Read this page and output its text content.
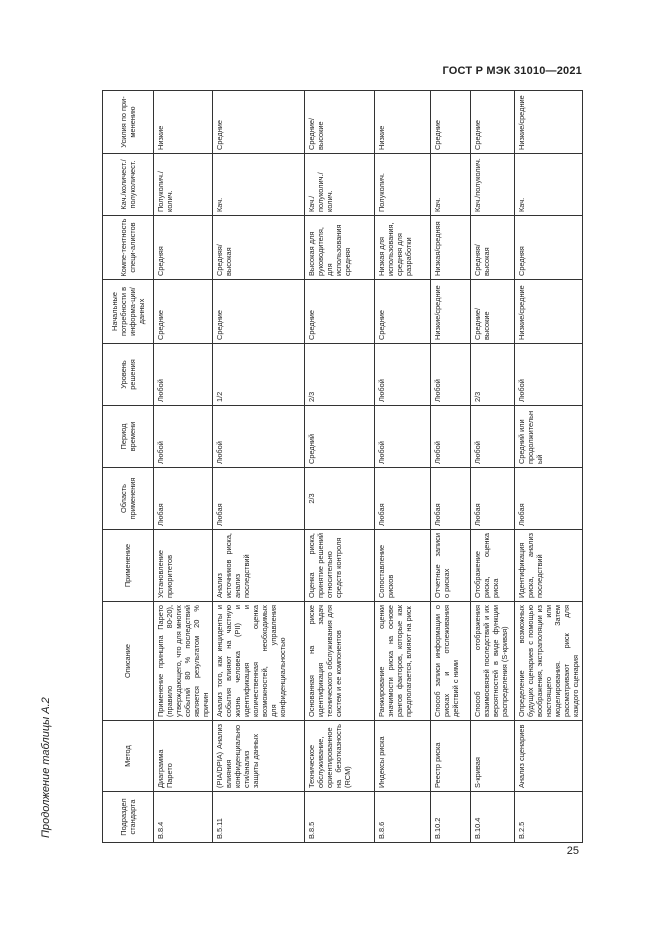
ГОСТ Р МЭК 31010—2021
Продолжение таблицы А.2	Подраздел стандарта	Метод	Описание	Применение	Область применения	Период времени	Уровень решения	Начальные потребности в информа-ции/данных	Компе-тентность специ-алистов	Кач./количест./полуколичест.	Усилия по при-менению
B.8.4	Диаграмма Парето	Применение принципа Парето (правило 80-20), утверждающего, что для многих событий 80 % последствий является результатом 20 % причин	Установление приоритетов	Любая	Любой	Любой	Средние	Средняя	Полуколич./колич.	Низкие
B.5.11	(PIA/DPIA) Анализ влияния конфиденциальности/анализ защиты данных	Анализ того, как инциденты и события влияют на частную жизнь человека (PII) и идентификация и количественная оценка возможностей, необходимых для управления конфиденциальностью	Анализ источников риска, анализ последствий	Любая	Любой	1/2	Средние	Средняя/высокая	Кач.	Средние
B.8.5	Техническое обслуживание, ориентированное на безотказность (RCM)	Основанная на риске идентификация задач технического обслуживания для систем и ее компонентов	Оценка риска, принятие решений относительно средств контроля	2/3	Средний	2/3	Средние	Высокая для руководителя, для использования средняя	Кач./полуколич./колич.	Средние/высокие
B.8.6	Индексы риска	Ранжирование оценки значимости риска на основе рангов факторов, которые как предполагается, влияют на риск	Сопоставление рисков	Любая	Любой	Любой	Средние	Низкая для использования, средняя для разработки	Полуколич.	Низкие
B.10.2	Реестр риска	Способ записи информации о рисках и отслеживания действий с ними	Отчетные записи о рисках	Любая	Любой	Любой	Низкие/средние	Низкая/средняя	Кач.	Средние
B.10.4	S-кривая	Способ отображения взаимосвязей последствий и их вероятностей в виде функции распределения (S-кривая)	Отображение риска, оценка риска	Любая	Любой	2/3	Средние/высокие	Средняя/высокая	Кач./полуколич.	Средние
B.2.5	Анализ сценариев	Определение возможных будущих сценариев с помощью воображения, экстраполяции из настоящего или моделирования. Затем рассматривают риск для каждого сценария	Идентификация риска, анализ последствий	Любая	Средний или продолжительный	Любой	Низкие/средние	Средняя	Кач.	Низкие/средние
25
